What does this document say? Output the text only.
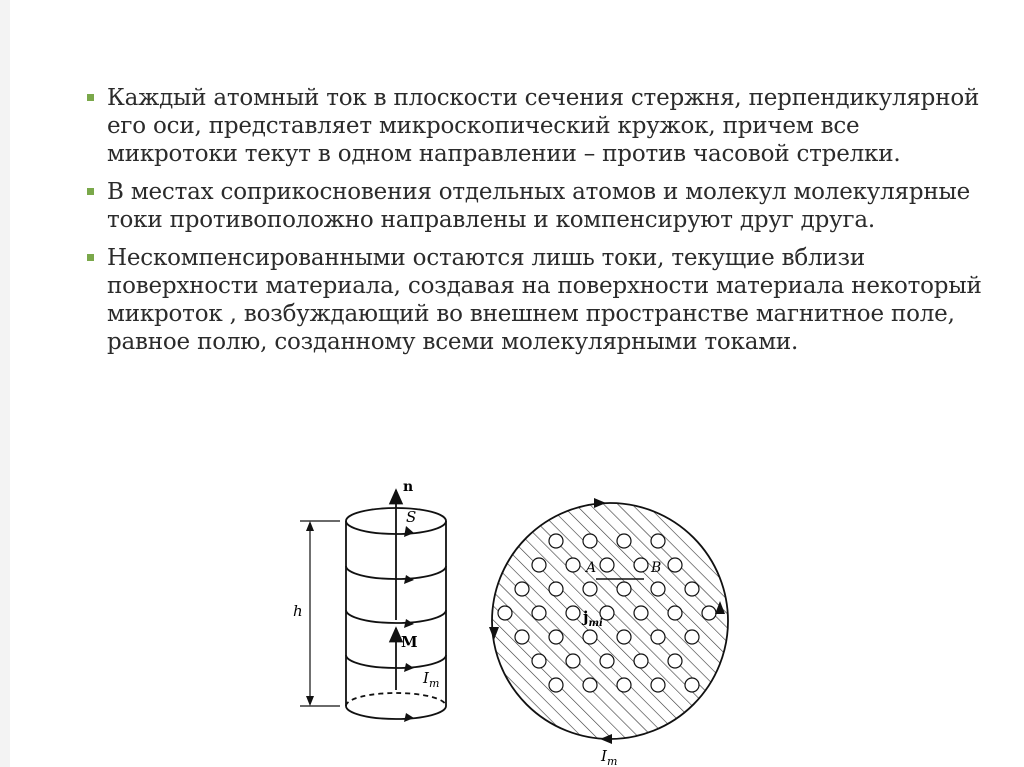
Каждый атомный ток в плоскости сечения стержня, перпендикулярной его оси, представляет микроскопический кружок, причем все микротоки текут в одном направлении – против часовой стрелки.
В местах соприкосновения отдельных атомов и молекул молекулярные токи противоположно направлены и компенсируют друг друга.
Нескомпенсированными остаются лишь токи, текущие вблизи поверхности материала, создавая на поверхности материала некоторый микроток , возбуждающий во внешнем пространстве магнитное поле, равное полю, созданному всеми молекулярными токами.
n
S
h
M
$I_m$
A	B
$j_{mi}$
$I_m$
